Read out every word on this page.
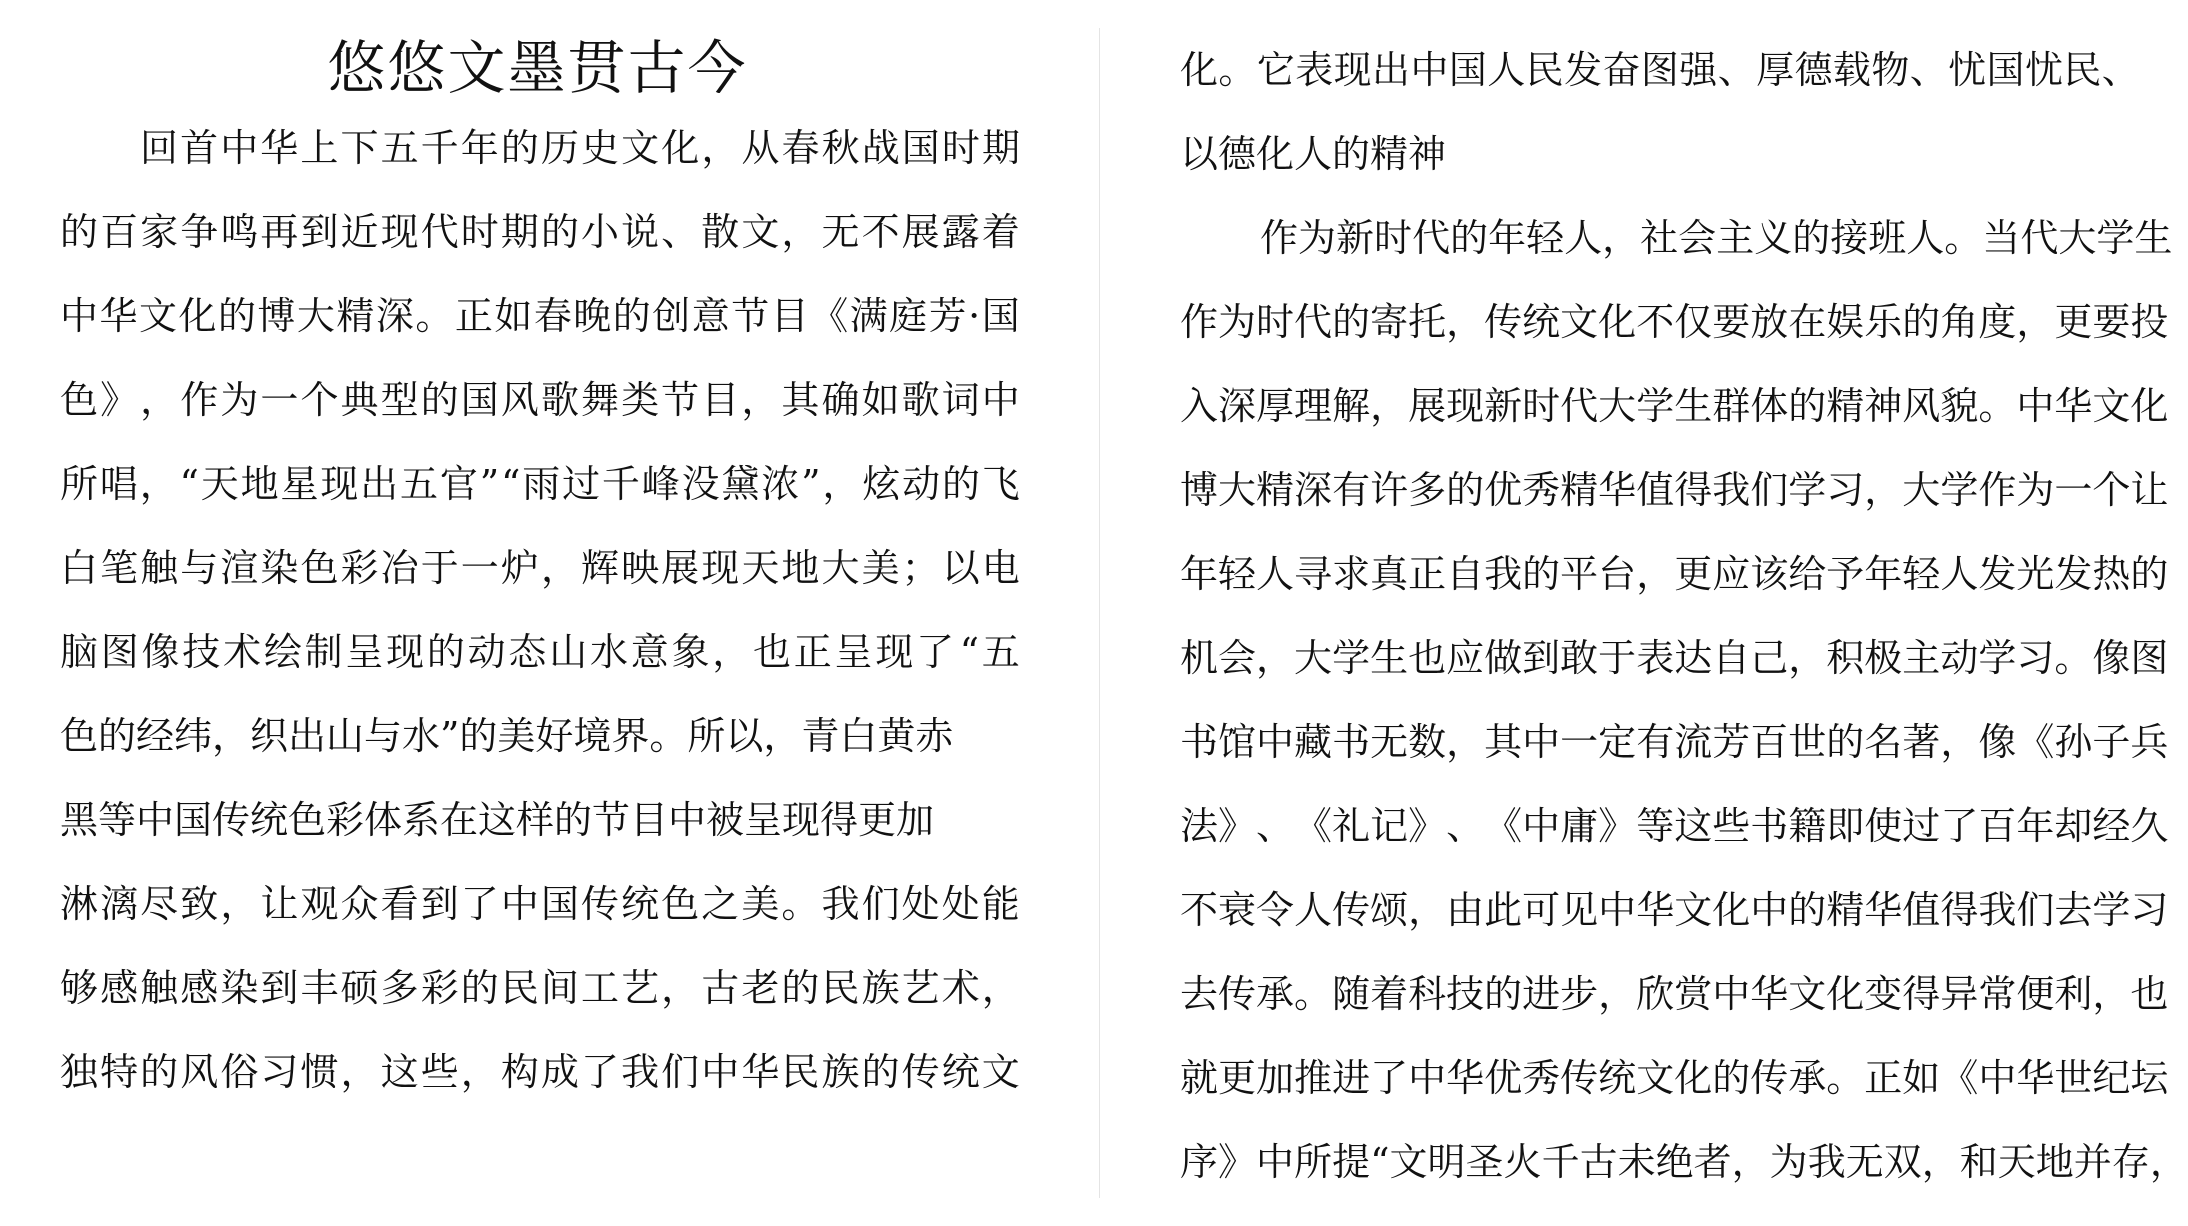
悠悠文墨贯古今
回 首 中 华 上 下 五 千 年 的 历 史 文 化 ， 从 春 秋 战 国 时 期
的 百 家 争 鸣 再 到 近 现 代 时 期 的 小 说 、 散 文 ， 无 不 展 露 着
中 华 文 化 的 博 大 精 深 。 正 如 春 晚 的 创 意 节 目 《 满 庭 芳 · 国
色 》 ， 作 为 一 个 典 型 的 国 风 歌 舞 类 节 目 ， 其 确 如 歌 词 中
所 唱 ， “ 天 地 星 现 出 五 官 ” “ 雨 过 千 峰 没 黛 浓 ” ， 炫 动 的 飞
白 笔 触 与 渲 染 色 彩 冶 于 一 炉 ， 辉 映 展 现 天 地 大 美 ； 以 电
脑 图 像 技 术 绘 制 呈 现 的 动 态 山 水 意 象 ， 也 正 呈 现 了 “ 五
色的经纬，织出山与水”的美好境界。所以，青白黄赤
黑等中国传统色彩体系在这样的节目中被呈现得更加
淋 漓 尽 致 ， 让 观 众 看 到 了 中 国 传 统 色 之 美 。 我 们 处 处 能
够 感 触 感 染 到 丰 硕 多 彩 的 民 间 工 艺 ， 古 老 的 民 族 艺 术 ，
独 特 的 风 俗 习 惯 ， 这 些 ， 构 成 了 我 们 中 华 民 族 的 传 统 文
化 。 它 表 现 出 中 国 人 民 发 奋 图 强 、 厚 德 载 物 、 忧 国 忧 民 、
以德化人的精神
作 为 新 时 代 的 年 轻 人 ， 社 会 主 义 的 接 班 人 。 当 代 大 学 生
作 为 时 代 的 寄 托 ， 传 统 文 化 不 仅 要 放 在 娱 乐 的 角 度 ， 更 要 投
入 深 厚 理 解 ， 展 现 新 时 代 大 学 生 群 体 的 精 神 风 貌 。 中 华 文 化
博 大 精 深 有 许 多 的 优 秀 精 华 值 得 我 们 学 习 ， 大 学 作 为 一 个 让
年 轻 人 寻 求 真 正 自 我 的 平 台 ， 更 应 该 给 予 年 轻 人 发 光 发 热 的
机 会 ， 大 学 生 也 应 做 到 敢 于 表 达 自 己 ， 积 极 主 动 学 习 。 像 图
书 馆 中 藏 书 无 数 ， 其 中 一 定 有 流 芳 百 世 的 名 著 ， 像 《 孙 子 兵
法 》 、 《 礼 记 》 、 《 中 庸 》 等 这 些 书 籍 即 使 过 了 百 年 却 经 久
不 衰 令 人 传 颂 ， 由 此 可 见 中 华 文 化 中 的 精 华 值 得 我 们 去 学 习
去 传 承 。 随 着 科 技 的 进 步 ， 欣 赏 中 华 文 化 变 得 异 常 便 利 ， 也
就 更 加 推 进 了 中 华 优 秀 传 统 文 化 的 传 承 。 正 如 《 中 华 世 纪 坛
序 》 中 所 提 “ 文 明 圣 火 千 古 未 绝 者 ， 为 我 无 双 ， 和 天 地 并 存 ，
